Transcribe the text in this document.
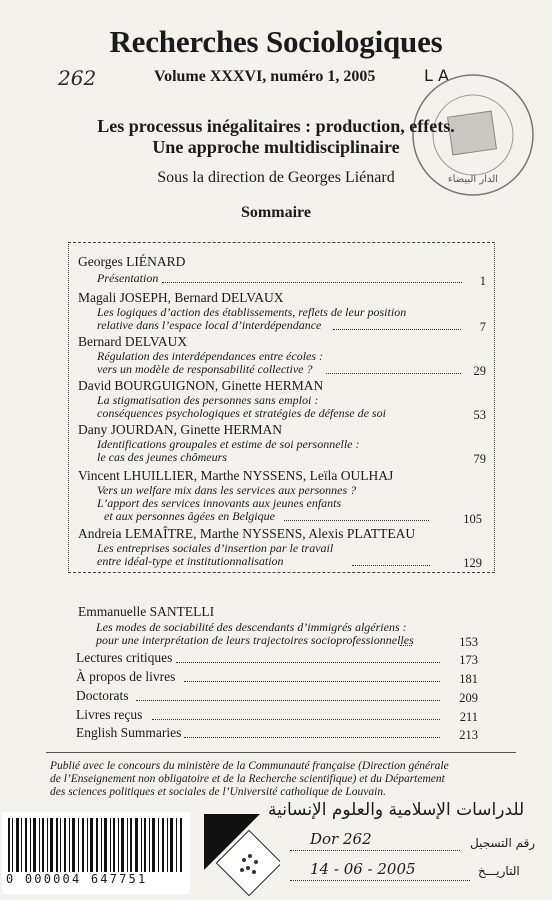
Recherches Sociologiques
262	Volume XXXVI, numéro 1, 2005	L A
الدار البيضاء
Les processus inégalitaires : production, effets.
Une approche multidisciplinaire
Sous la direction de Georges Liénard
Sommaire
Georges LIÉNARD
Présentation	1
Magali JOSEPH, Bernard DELVAUX
Les logiques d’action des établissements, reflets de leur position
relative dans l’espace local d’interdépendance	7
Bernard DELVAUX
Régulation des interdépendances entre écoles :
vers un modèle de responsabilité collective ?	29
David BOURGUIGNON, Ginette HERMAN
La stigmatisation des personnes sans emploi :
conséquences psychologiques et stratégies de défense de soi	53
Dany JOURDAN, Ginette HERMAN
Identifications groupales et estime de soi personnelle :
le cas des jeunes chômeurs	79
Vincent LHUILLIER, Marthe NYSSENS, Leïla OULHAJ
Vers un welfare mix dans les services aux personnes ?
L’apport des services innovants aux jeunes enfants
et aux personnes âgées en Belgique	105
Andreia LEMAÎTRE, Marthe NYSSENS, Alexis PLATTEAU
Les entreprises sociales d’insertion par le travail
entre idéal-type et institutionnalisation	129
Emmanuelle SANTELLI
Les modes de sociabilité des descendants d’immigrés algériens :
pour une interprétation de leurs trajectoires socioprofessionnelles	153
Lectures critiques	173
À propos de livres	181
Doctorats	209
Livres reçus	211
English Summaries	213
Publié avec le concours du ministère de la Communauté française (Direction générale
de l’Enseignement non obligatoire et de la Recherche scientifique) et du Département
des sciences politiques et sociales de l’Université catholique de Louvain.
0 000004 647751
للدراسات الإسلامية والعلوم الإنسانية
Dor 262	رقم التسجيل
14 - 06 - 2005	التاريـــخ
